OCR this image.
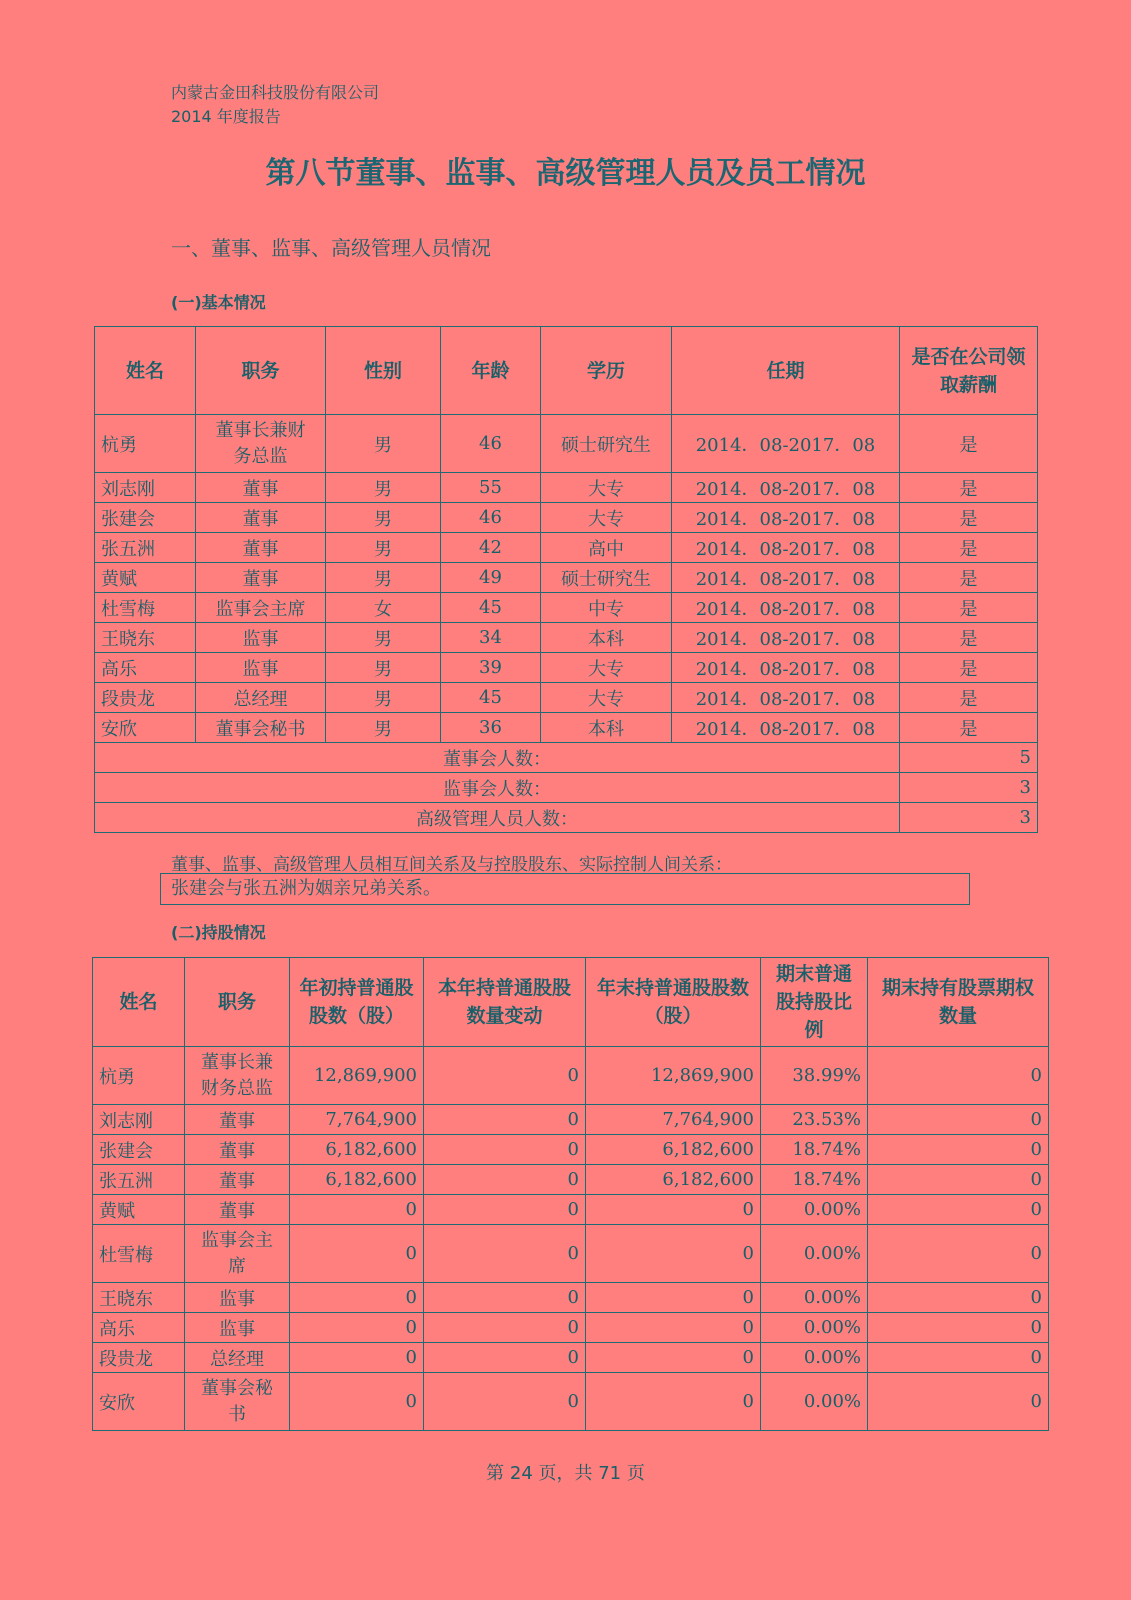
内蒙古金田科技股份有限公司
2014 年度报告
第八节董事、监事、高级管理人员及员工情况
一、董事、监事、高级管理人员情况
(一)基本情况
姓名	职务	性别	年龄	学历	任期	是否在公司领取薪酬
杭勇	董事长兼财务总监	男	46	硕士研究生	2014．08-2017．08	是
刘志刚	董事	男	55	大专	2014．08-2017．08	是
张建会	董事	男	46	大专	2014．08-2017．08	是
张五洲	董事	男	42	高中	2014．08-2017．08	是
黄赋	董事	男	49	硕士研究生	2014．08-2017．08	是
杜雪梅	监事会主席	女	45	中专	2014．08-2017．08	是
王晓东	监事	男	34	本科	2014．08-2017．08	是
高乐	监事	男	39	大专	2014．08-2017．08	是
段贵龙	总经理	男	45	大专	2014．08-2017．08	是
安欣	董事会秘书	男	36	本科	2014．08-2017．08	是
董事会人数：						5
监事会人数：						3
高级管理人员人数：						3
董事、监事、高级管理人员相互间关系及与控股股东、实际控制人间关系：
张建会与张五洲为姻亲兄弟关系。
(二)持股情况
姓名	职务	年初持普通股股数（股）	本年持普通股股数量变动	年末持普通股股数（股）	期末普通股持股比例	期末持有股票期权数量
杭勇	董事长兼财务总监	12,869,900	0	12,869,900	38.99%	0
刘志刚	董事	7,764,900	0	7,764,900	23.53%	0
张建会	董事	6,182,600	0	6,182,600	18.74%	0
张五洲	董事	6,182,600	0	6,182,600	18.74%	0
黄赋	董事	0	0	0	0.00%	0
杜雪梅	监事会主席	0	0	0	0.00%	0
王晓东	监事	0	0	0	0.00%	0
高乐	监事	0	0	0	0.00%	0
段贵龙	总经理	0	0	0	0.00%	0
安欣	董事会秘书	0	0	0	0.00%	0
第 24 页，共 71 页
